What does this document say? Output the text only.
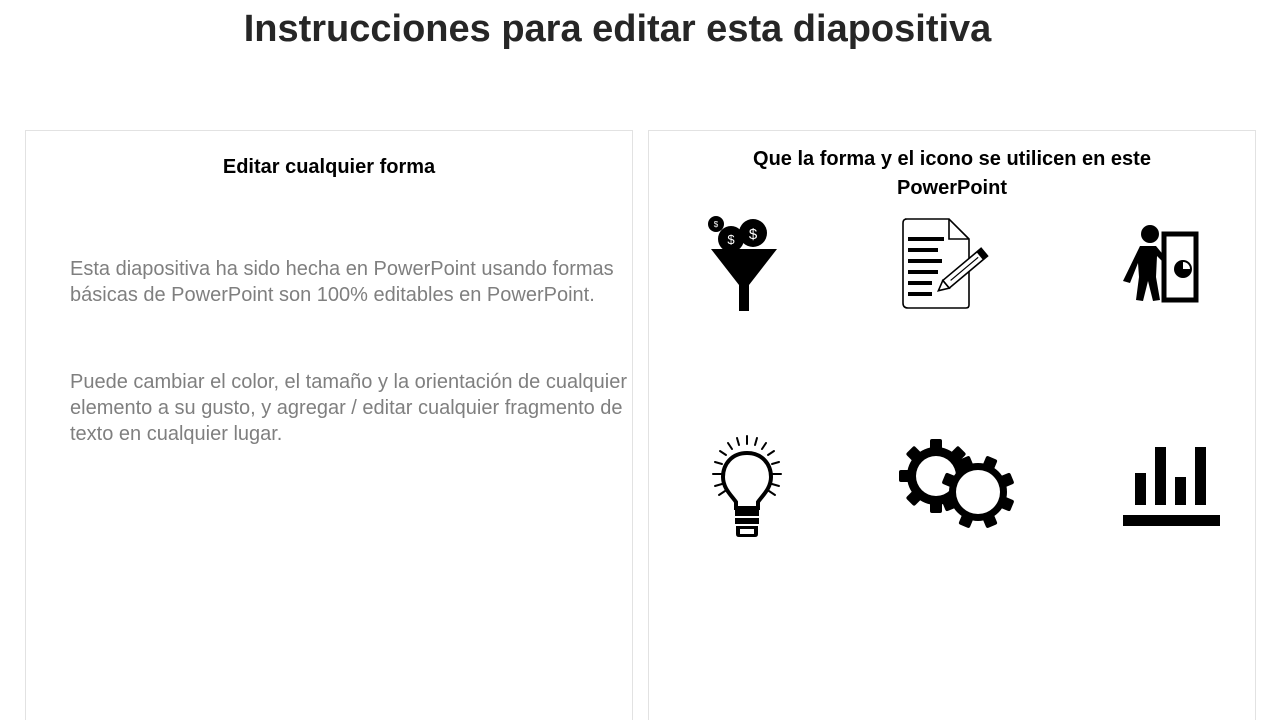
Instrucciones para editar esta diapositiva
Editar cualquier forma

Esta diapositiva ha sido hecha en PowerPoint usando formas básicas de PowerPoint son 100% editables en PowerPoint.

Puede cambiar el color, el tamaño y la orientación de cualquier elemento a su gusto, y agregar / editar cualquier fragmento de texto en cualquier lugar.

Que la forma y el icono se utilicen en este PowerPoint
$
$
$
